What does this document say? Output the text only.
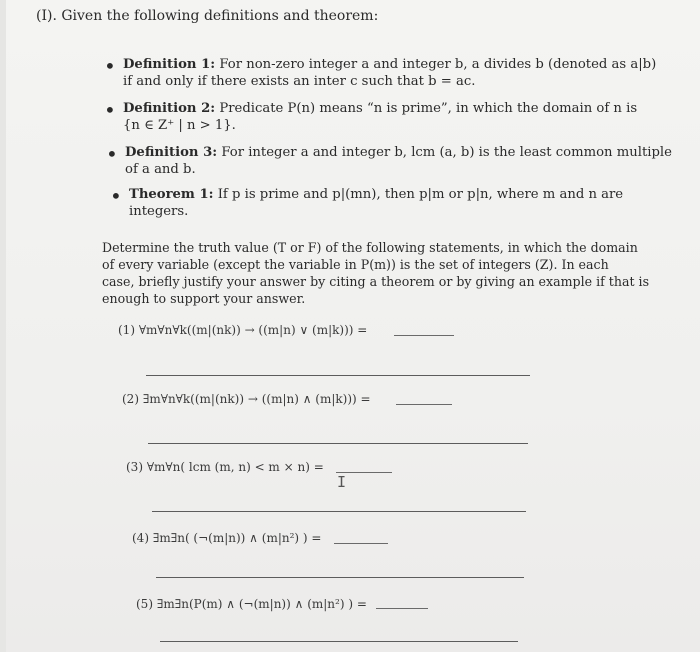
(I). Given the following definitions and theorem:
• Definition 1: For non-zero integer a and integer b, a divides b (denoted as a|b)
if and only if there exists an inter c such that b = ac.
• Definition 2: Predicate P(n) means “n is prime”, in which the domain of n is
{n ∈ Z⁺ | n > 1}.
• Definition 3: For integer a and integer b, lcm (a, b) is the least common multiple
of a and b.
• Theorem 1: If p is prime and p|(mn), then p|m or p|n, where m and n are
integers.
Determine the truth value (T or F) of the following statements, in which the domain
of every variable (except the variable in P(m)) is the set of integers (Z). In each
case, briefly justify your answer by citing a theorem or by giving an example if that is
enough to support your answer.
(1) ∀m∀n∀k((m|(nk)) → ((m|n) ∨ (m|k))) =
(2) ∃m∀n∀k((m|(nk)) → ((m|n) ∧ (m|k))) =
(3) ∀m∀n( lcm (m, n) < m × n) =
I
(4) ∃m∃n( (¬(m|n)) ∧ (m|n²) ) =
(5) ∃m∃n(P(m) ∧ (¬(m|n)) ∧ (m|n²) ) =
